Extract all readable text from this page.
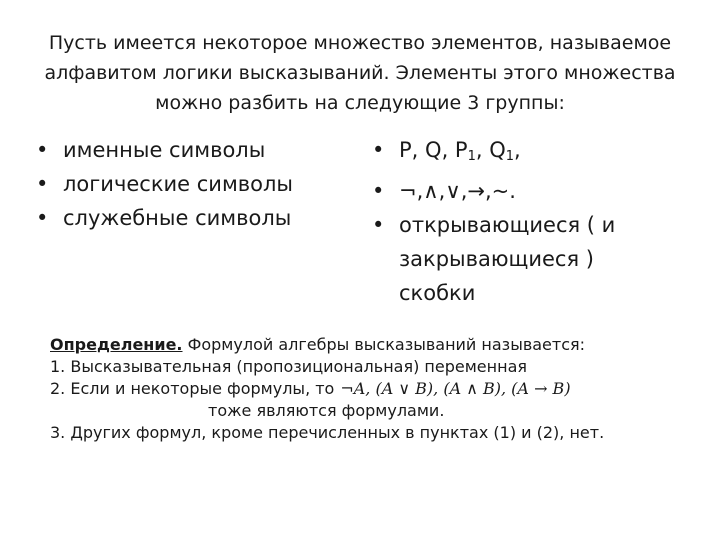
Пусть имеется некоторое множество элементов, называемое
алфавитом логики высказываний. Элементы этого множества
можно разбить на следующие 3 группы:
• именные символы
• логические символы
• служебные символы
• P, Q, $P_1$, $Q_1$,
• ¬,∧,∨,→,~.
• открывающиеся ( и
закрывающиеся )
скобки
Определение. Формулой алгебры высказываний называется:
1. Высказывательная (пропозициональная) переменная
2. Если и некоторые формулы, то ¬A, (A ∨ B), (A ∧ B), (A → B)
тоже являются формулами.
3. Других формул, кроме перечисленных в пунктах (1) и (2), нет.
